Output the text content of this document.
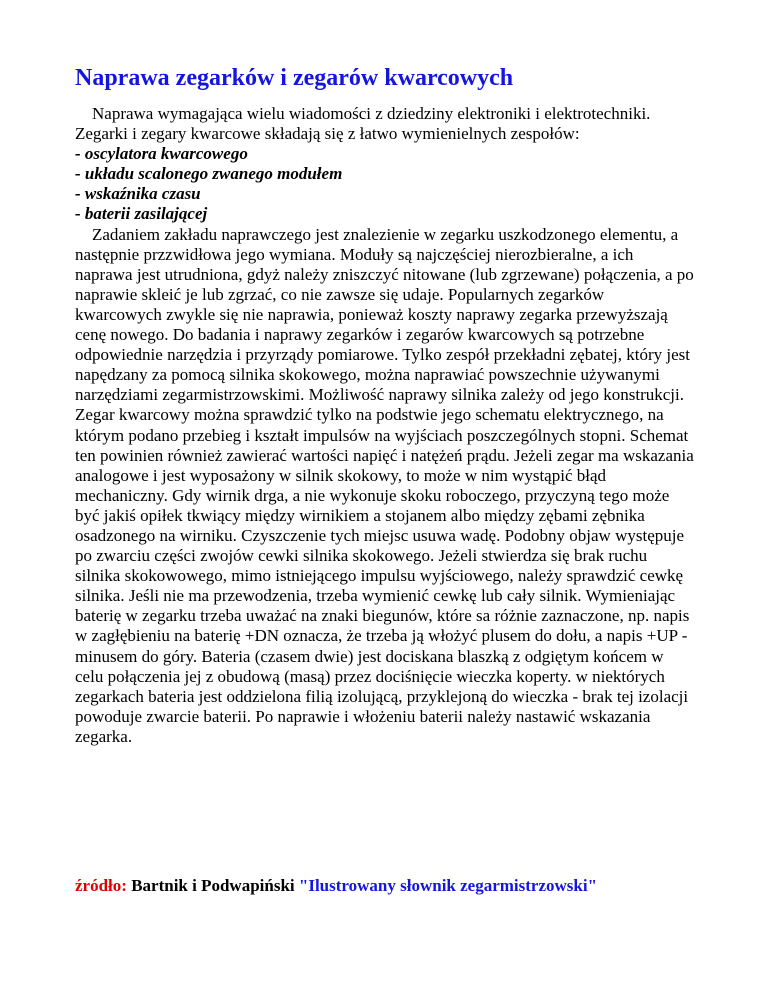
Naprawa zegarków i zegarów kwarcowych
Naprawa wymagająca wielu wiadomości z dziedziny elektroniki i elektrotechniki. Zegarki i zegary kwarcowe składają się z łatwo wymienielnych zespołów:
- oscylatora kwarcowego
- układu scalonego zwanego modułem
- wskaźnika czasu
- baterii zasilającej
Zadaniem zakładu naprawczego jest znalezienie w zegarku uszkodzonego elementu, a następnie przzwidłowa jego wymiana. Moduły są najczęściej nierozbieralne, a ich naprawa jest utrudniona, gdyż należy zniszczyć nitowane (lub zgrzewane) połączenia, a po naprawie skleić je lub zgrzać, co nie zawsze się udaje. Popularnych zegarków kwarcowych zwykle się nie naprawia, ponieważ koszty naprawy zegarka przewyższają cenę nowego. Do badania i naprawy zegarków i zegarów kwarcowych są potrzebne odpowiednie narzędzia i przyrządy pomiarowe. Tylko zespół przekładni zębatej, który jest napędzany za pomocą silnika skokowego, można naprawiać powszechnie używanymi narzędziami zegarmistrzowskimi. Możliwość naprawy silnika zależy od jego konstrukcji. Zegar kwarcowy można sprawdzić tylko na podstwie jego schematu elektrycznego, na którym podano przebieg i kształt impulsów na wyjściach poszczególnych stopni. Schemat ten powinien również zawierać wartości napięć i natężeń prądu. Jeżeli zegar ma wskazania analogowe i jest wyposażony w silnik skokowy, to może w nim wystąpić błąd mechaniczny. Gdy wirnik drga, a nie wykonuje skoku roboczego, przyczyną tego może być jakiś opiłek tkwiący między wirnikiem a stojanem albo między zębami zębnika osadzonego na wirniku. Czyszczenie tych miejsc usuwa wadę. Podobny objaw występuje po zwarciu części zwojów cewki silnika skokowego. Jeżeli stwierdza się brak ruchu silnika skokowowego, mimo istniejącego impulsu wyjściowego, należy sprawdzić cewkę silnika. Jeśli nie ma przewodzenia, trzeba wymienić cewkę lub cały silnik. Wymieniając baterię w zegarku trzeba uważać na znaki biegunów, które sa różnie zaznaczone, np. napis w zagłębieniu na baterię +DN oznacza, że trzeba ją włożyć plusem do dołu, a napis +UP - minusem do góry. Bateria (czasem dwie) jest dociskana blaszką z odgiętym końcem w celu połączenia jej z obudową (masą) przez dociśnięcie wieczka koperty. w niektórych zegarkach bateria jest oddzielona filią izolującą, przyklejoną do wieczka - brak tej izolacji powoduje zwarcie baterii. Po naprawie i włożeniu baterii należy nastawić wskazania zegarka.
źródło: Bartnik i Podwapiński "Ilustrowany słownik zegarmistrzowski"
